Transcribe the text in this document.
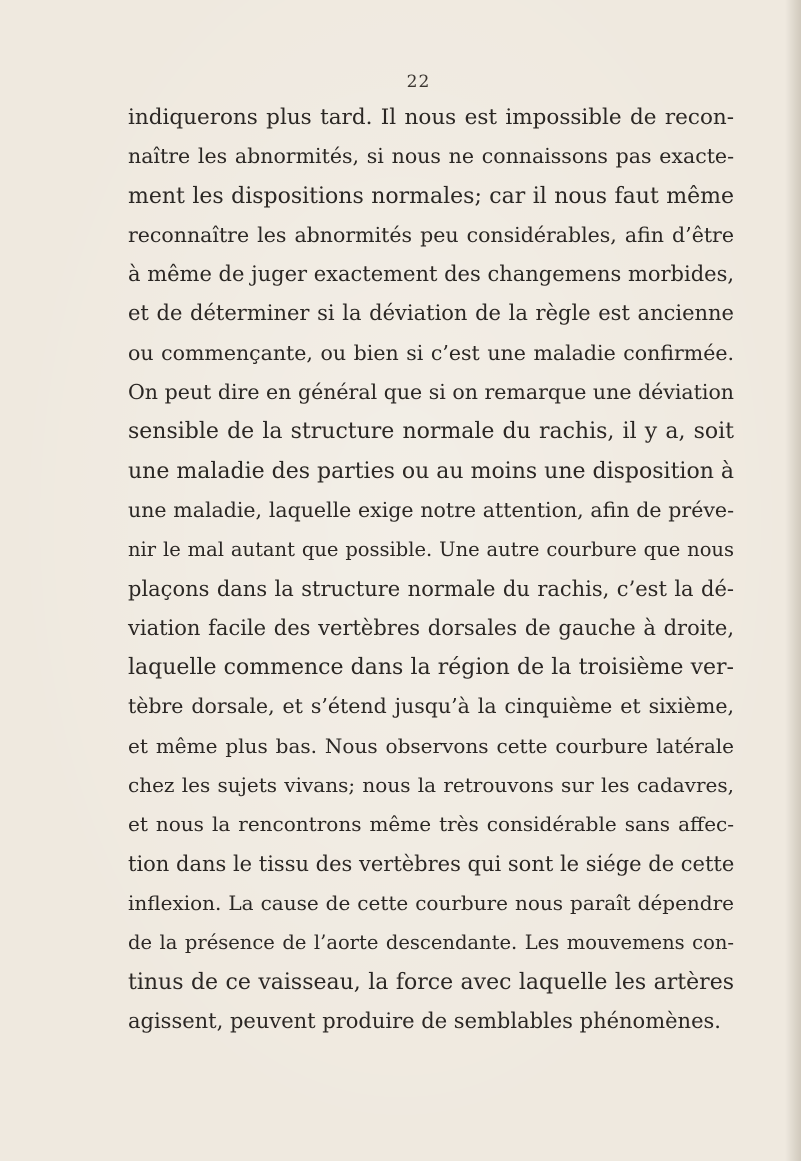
22
indiquerons plus tard. Il nous est impossible de recon-
naître les abnormités, si nous ne connaissons pas exacte-
ment les dispositions normales; car il nous faut même
reconnaître les abnormités peu considérables, afin d’être
à même de juger exactement des changemens morbides,
et de déterminer si la déviation de la règle est ancienne
ou commençante, ou bien si c’est une maladie confirmée.
On peut dire en général que si on remarque une déviation
sensible de la structure normale du rachis, il y a, soit
une maladie des parties ou au moins une disposition à
une maladie, laquelle exige notre attention, afin de préve-
nir le mal autant que possible. Une autre courbure que nous
plaçons dans la structure normale du rachis, c’est la dé-
viation facile des vertèbres dorsales de gauche à droite,
laquelle commence dans la région de la troisième ver-
tèbre dorsale, et s’étend jusqu’à la cinquième et sixième,
et même plus bas. Nous observons cette courbure latérale
chez les sujets vivans; nous la retrouvons sur les cadavres,
et nous la rencontrons même très considérable sans affec-
tion dans le tissu des vertèbres qui sont le siége de cette
inflexion. La cause de cette courbure nous paraît dépendre
de la présence de l’aorte descendante. Les mouvemens con-
tinus de ce vaisseau, la force avec laquelle les artères
agissent, peuvent produire de semblables phénomènes.
